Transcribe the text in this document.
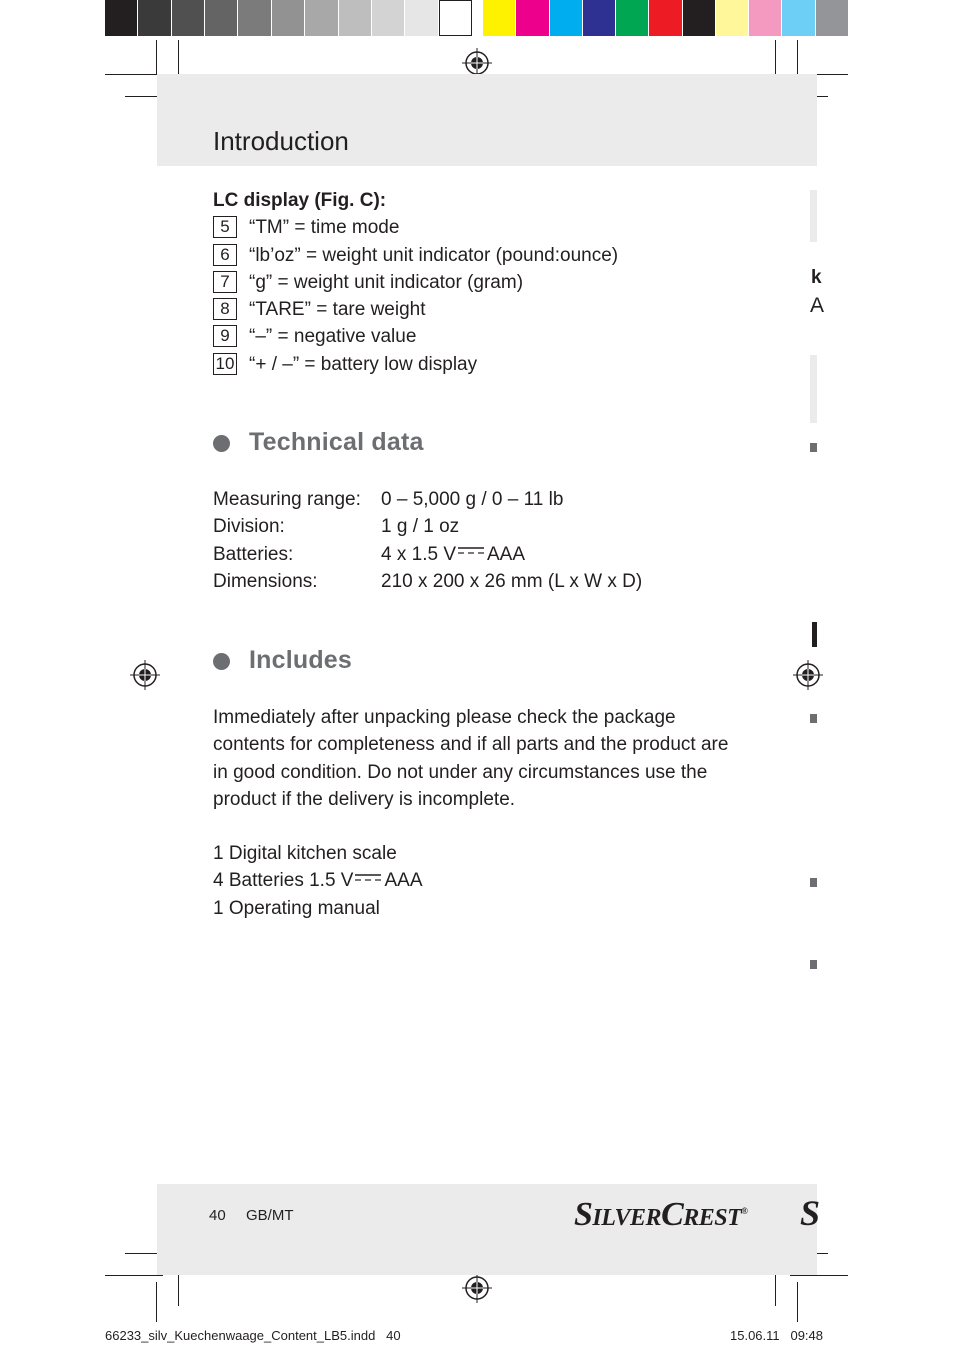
Introduction
k
A
LC display (Fig. C):
5 “TM” = time mode
6 “lb’oz” = weight unit indicator (pound:ounce)
7 “g” = weight unit indicator (gram)
8 “TARE” = tare weight
9 “–” = negative value
10 “+ / –” = battery low display
Technical data
Measuring range: 0 – 5,000 g / 0 – 11 lb
Division:	1 g / 1 oz
Batteries:	4 x 1.5 V AAA
Dimensions:	210 x 200 x 26 mm (L x W x D)
Includes
Immediately after unpacking please check the package contents for completeness and if all parts and the product are in good condition. Do not under any circumstances use the product if the delivery is incomplete.
1 Digital kitchen scale
4 Batteries 1.5 V AAA
1 Operating manual
40 GB/MT	SILVERCREST® S
66233_silv_Kuechenwaage_Content_LB5.indd   40	15.06.11   09:48
